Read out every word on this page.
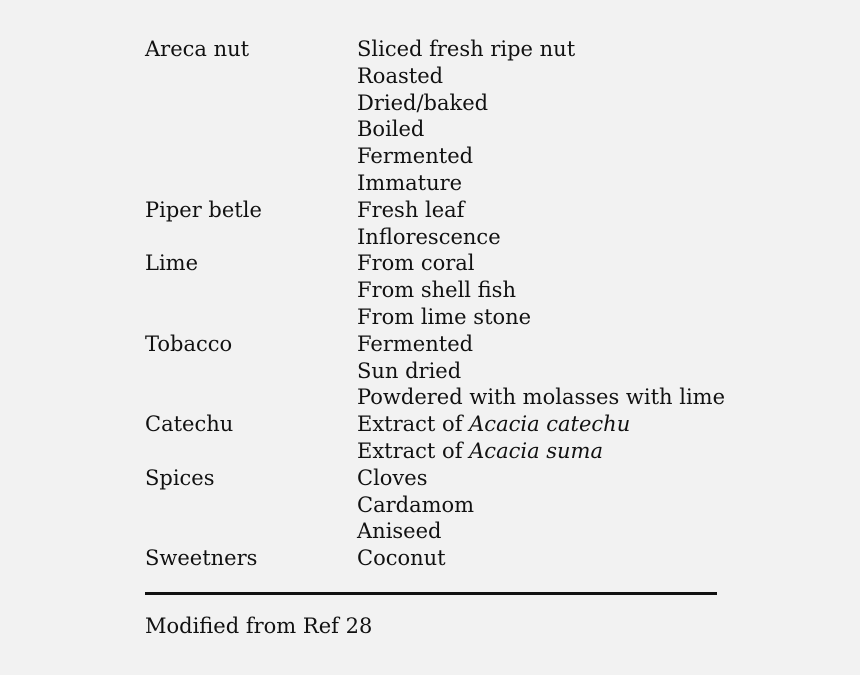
Areca nut	Sliced fresh ripe nut
Roasted
Dried/baked
Boiled
Fermented
Immature
Piper betle	Fresh leaf
Inflorescence
Lime	From coral
From shell fish
From lime stone
Tobacco	Fermented
Sun dried
Powdered with molasses with lime
Catechu	Extract of Acacia catechu
Extract of Acacia suma
Spices	Cloves
Cardamom
Aniseed
Sweetners	Coconut
Modified from Ref 28
